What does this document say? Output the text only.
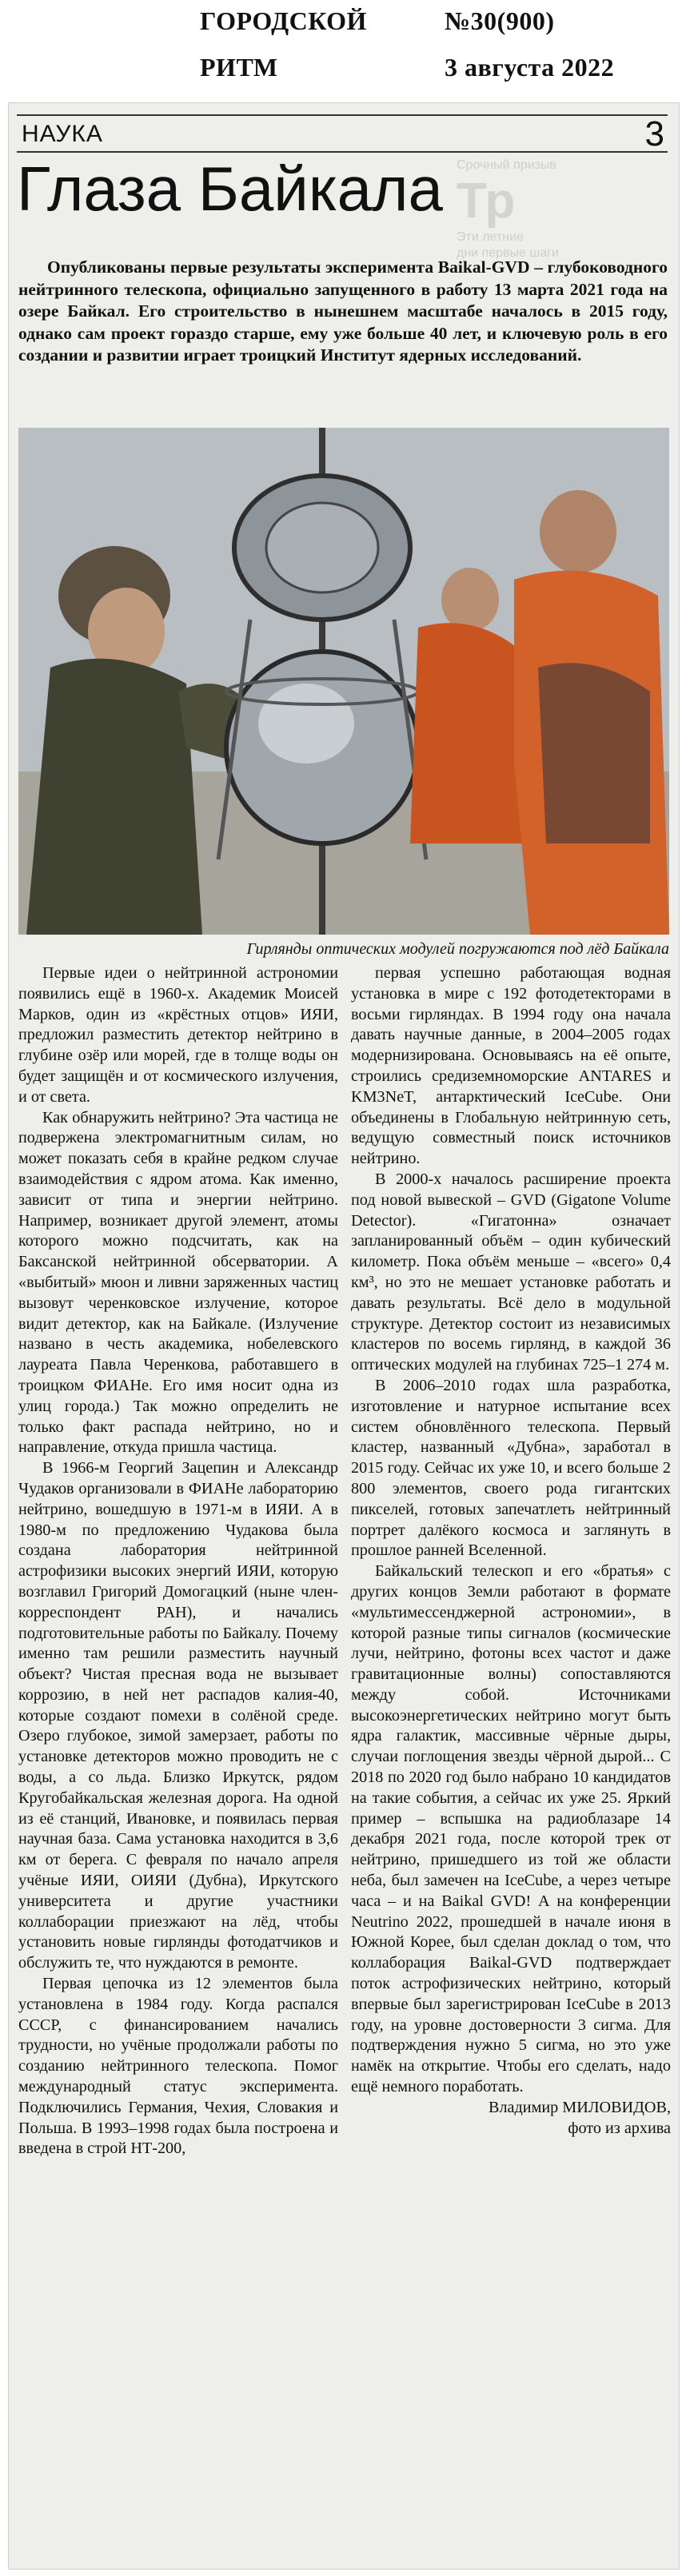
ГОРОДСКОЙ	№30(900)
РИТМ	3 августа 2022
НАУКА	3
Срочный призыв
Тр
Эти летние
дни первые шаги
Глаза Байкала
Опубликованы первые результаты эксперимента Baikal-GVD – глубоководного нейтринного телескопа, официально запущенного в работу 13 марта 2021 года на озере Байкал. Его строительство в нынешнем масштабе началось в 2015 году, однако сам проект гораздо старше, ему уже больше 40 лет, и ключевую роль в его создании и развитии играет троицкий Институт ядерных исследований.
Гирлянды оптических модулей погружаются под лёд Байкала

Первые идеи о нейтринной астрономии появились ещё в 1960-х. Академик Моисей Марков, один из «крёстных отцов» ИЯИ, предложил разместить детектор нейтрино в глубине озёр или морей, где в толще воды он будет защищён и от космического излучения, и от света.

Как обнаружить нейтрино? Эта частица не подвержена электромагнитным силам, но может показать себя в крайне редком случае взаимодействия с ядром атома. Как именно, зависит от типа и энергии нейтрино. Например, возникает другой элемент, атомы которого можно подсчитать, как на Баксанской нейтринной обсерватории. А «выбитый» мюон и ливни заряженных частиц вызовут черенковское излучение, которое видит детектор, как на Байкале. (Излучение названо в честь академика, нобелевского лауреата Павла Черенкова, работавшего в троицком ФИАНе. Его имя носит одна из улиц города.) Так можно определить не только факт распада нейтрино, но и направление, откуда пришла частица.

В 1966-м Георгий Зацепин и Александр Чудаков организовали в ФИАНе лабораторию нейтрино, вошедшую в 1971-м в ИЯИ. А в 1980-м по предложению Чудакова была создана лаборатория нейтринной астрофизики высоких энергий ИЯИ, которую возглавил Григорий Домогацкий (ныне член-корреспондент РАН), и начались подготовительные работы по Байкалу. Почему именно там решили разместить научный объект? Чистая пресная вода не вызывает коррозию, в ней нет распадов калия-40, которые создают помехи в солёной среде. Озеро глубокое, зимой замерзает, работы по установке детекторов можно проводить не с воды, а со льда. Близко Иркутск, рядом Кругобайкальская железная дорога. На одной из её станций, Ивановке, и появилась первая научная база. Сама установка находится в 3,6 км от берега. С февраля по начало апреля учёные ИЯИ, ОИЯИ (Дубна), Иркутского университета и другие участники коллаборации приезжают на лёд, чтобы установить новые гирлянды фотодатчиков и обслужить те, что нуждаются в ремонте.

Первая цепочка из 12 элементов была установлена в 1984 году. Когда распался СССР, с финансированием начались трудности, но учёные продолжали работы по созданию нейтринного телескопа. Помог международный статус эксперимента. Подключились Германия, Чехия, Словакия и Польша. В 1993–1998 годах была построена и введена в строй НТ-200,

первая успешно работающая водная установка в мире с 192 фотодетекторами в восьми гирляндах. В 1994 году она начала давать научные данные, в 2004–2005 годах модернизирована. Основываясь на её опыте, строились средиземноморские ANTARES и KM3NeT, антарктический IceCube. Они объединены в Глобальную нейтринную сеть, ведущую совместный поиск источников нейтрино.

В 2000-х началось расширение проекта под новой вывеской – GVD (Gigatone Volume Detector). «Гигатонна» означает запланированный объём – один кубический километр. Пока объём меньше – «всего» 0,4 км³, но это не мешает установке работать и давать результаты. Всё дело в модульной структуре. Детектор состоит из независимых кластеров по восемь гирлянд, в каждой 36 оптических модулей на глубинах 725–1 274 м.

В 2006–2010 годах шла разработка, изготовление и натурное испытание всех систем обновлённого телескопа. Первый кластер, названный «Дубна», заработал в 2015 году. Сейчас их уже 10, и всего больше 2 800 элементов, своего рода гигантских пикселей, готовых запечатлеть нейтринный портрет далёкого космоса и заглянуть в прошлое ранней Вселенной.

Байкальский телескоп и его «братья» с других концов Земли работают в формате «мультимессенджерной астрономии», в которой разные типы сигналов (космические лучи, нейтрино, фотоны всех частот и даже гравитационные волны) сопоставляются между собой. Источниками высокоэнергетических нейтрино могут быть ядра галактик, массивные чёрные дыры, случаи поглощения звезды чёрной дырой... С 2018 по 2020 год было набрано 10 кандидатов на такие события, а сейчас их уже 25. Яркий пример – вспышка на радиоблазаре 14 декабря 2021 года, после которой трек от нейтрино, пришедшего из той же области неба, был замечен на IceCube, а через четыре часа – и на Baikal GVD! А на конференции Neutrino 2022, прошедшей в начале июня в Южной Корее, был сделан доклад о том, что коллаборация Baikal-GVD подтверждает поток астрофизических нейтрино, который впервые был зарегистрирован IceCube в 2013 году, на уровне достоверности 3 сигма. Для подтверждения нужно 5 сигма, но это уже намёк на открытие. Чтобы его сделать, надо ещё немного поработать.

Владимир МИЛОВИДОВ,

фото из архива
